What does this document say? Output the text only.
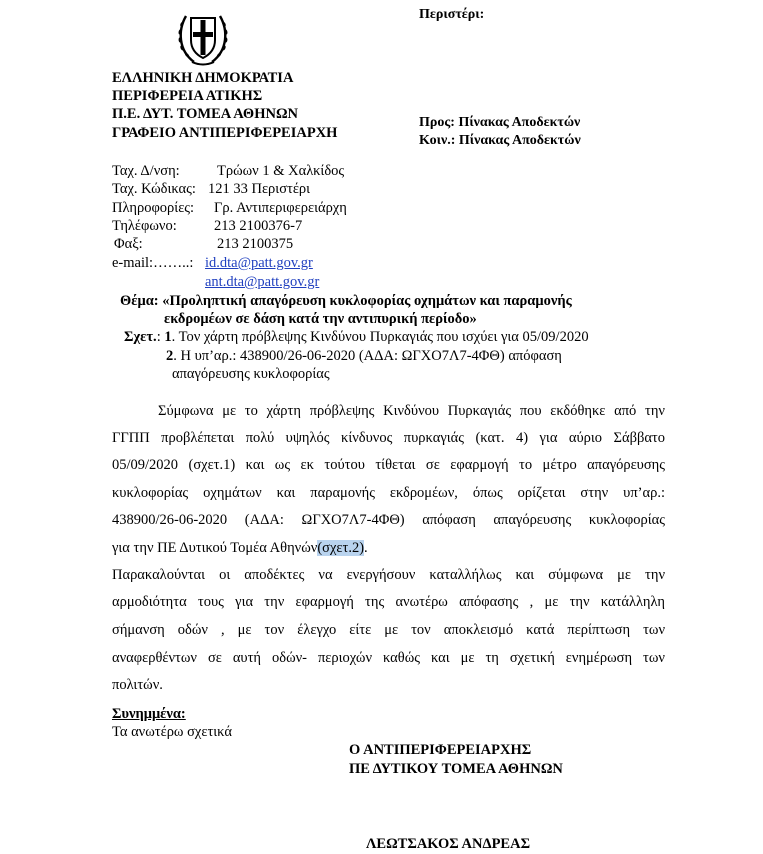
Περιστέρι:
ΕΛΛΗΝΙΚΗ ΔΗΜΟΚΡΑΤΙΑ
ΠΕΡΙΦΕΡΕΙΑ ΑΤΙΚΗΣ
Π.Ε. ΔΥΤ. ΤΟΜΕΑ ΑΘΗΝΩΝ
ΓΡΑΦΕΙΟ ΑΝΤΙΠΕΡΙΦΕΡΕΙΑΡΧΗ
Προς: Πίνακας Αποδεκτών
Κοιν.: Πίνακας Αποδεκτών
Ταχ. Δ/νση:	Τρώων 1 & Χαλκίδος
Ταχ. Κώδικας: 121 33 Περιστέρι
Πληροφορίες: Γρ. Αντιπεριφερειάρχη
Τηλέφωνο:	213 2100376-7
Φαξ:	213 2100375
e-mail:……..: id.dta@patt.gov.gr
ant.dta@patt.gov.gr
Θέμα: «Προληπτική απαγόρευση κυκλοφορίας οχημάτων και παραμονής
εκδρομέων σε δάση κατά την αντιπυρική περίοδο»
Σχετ.: 1. Τον χάρτη πρόβλεψης Κινδύνου Πυρκαγιάς που ισχύει για 05/09/2020
2. Η υπ’αρ.: 438900/26-06-2020 (ΑΔΑ: ΩΓΧΟ7Λ7-4ΦΘ) απόφαση
απαγόρευσης κυκλοφορίας
Σύμφωνα με το χάρτη πρόβλεψης Κινδύνου Πυρκαγιάς που εκδόθηκε από την
ΓΓΠΠ προβλέπεται πολύ υψηλός κίνδυνος πυρκαγιάς (κατ. 4) για αύριο Σάββατο
05/09/2020 (σχετ.1) και ως εκ τούτου τίθεται σε εφαρμογή το μέτρο απαγόρευσης
κυκλοφορίας οχημάτων και παραμονής εκδρομέων, όπως ορίζεται στην υπ’αρ.:
438900/26-06-2020 (ΑΔΑ: ΩΓΧΟ7Λ7-4ΦΘ) απόφαση απαγόρευσης κυκλοφορίας
για την ΠΕ Δυτικού Τομέα Αθηνών(σχετ.2).
Παρακαλούνται οι αποδέκτες να ενεργήσουν καταλλήλως και σύμφωνα με την
αρμοδιότητα τους για την εφαρμογή της ανωτέρω απόφασης , με την κατάλληλη
σήμανση οδών , με τον έλεγχο είτε με τον αποκλεισμό κατά περίπτωση των
αναφερθέντων σε αυτή οδών- περιοχών καθώς και με τη σχετική ενημέρωση των
πολιτών.
Συνημμένα:
Τα ανωτέρω σχετικά
Ο ΑΝΤΙΠΕΡΙΦΕΡΕΙΑΡΧΗΣ
ΠΕ ΔΥΤΙΚΟΥ ΤΟΜΕΑ ΑΘΗΝΩΝ
ΛΕΩΤΣΑΚΟΣ ΑΝΔΡΕΑΣ
